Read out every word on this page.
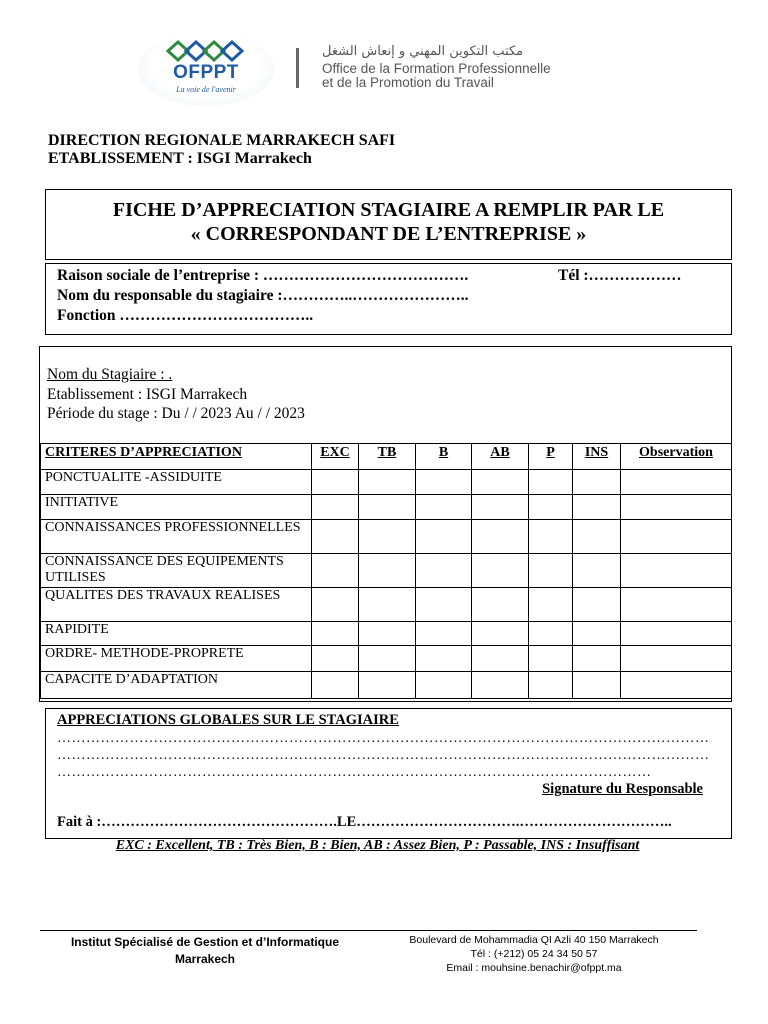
OFPPT
La voie de l'avenir
مكتب التكوين المهني و إنعاش الشغل
Office de la Formation Professionnelle
et de la Promotion du Travail
DIRECTION REGIONALE MARRAKECH SAFI
ETABLISSEMENT : ISGI Marrakech
FICHE D’APPRECIATION STAGIAIRE A REMPLIR PAR LE
« CORRESPONDANT DE L’ENTREPRISE »
Raison sociale de l’entreprise : ………………………………….	Tél :………………
Nom du responsable du stagiaire :…………..…………………..
Fonction ………………………………..
Nom du Stagiaire : .
Etablissement : ISGI Marrakech
Période du stage : Du / / 2023 Au / / 2023
CRITERES D’APPRECIATION	EXC	TB	B	AB	P	INS	Observation
PONCTUALITE -ASSIDUITE							
INITIATIVE							
CONNAISSANCES PROFESSIONNELLES							
CONNAISSANCE DES EQUIPEMENTS UTILISES							
QUALITES DES TRAVAUX REALISES							
RAPIDITE							
ORDRE- METHODE-PROPRETE							
CAPACITE D’ADAPTATION							
APPRECIATIONS GLOBALES SUR LE STAGIAIRE
………………………………………………………………………………………………………………………
………………………………………………………………………………………………………………………
……………………………………………………………………………………………………………
Signature du Responsable
Fait à :………………………………………….LE…………………………….…………………………..
EXC : Excellent, TB : Très Bien, B : Bien, AB : Assez Bien, P : Passable, INS : Insuffisant
Institut Spécialisé de Gestion et d’Informatique
Marrakech
Boulevard de Mohammadia QI Azli 40 150 Marrakech
Tél : (+212) 05 24 34 50 57
Email : mouhsine.benachir@ofppt.ma
